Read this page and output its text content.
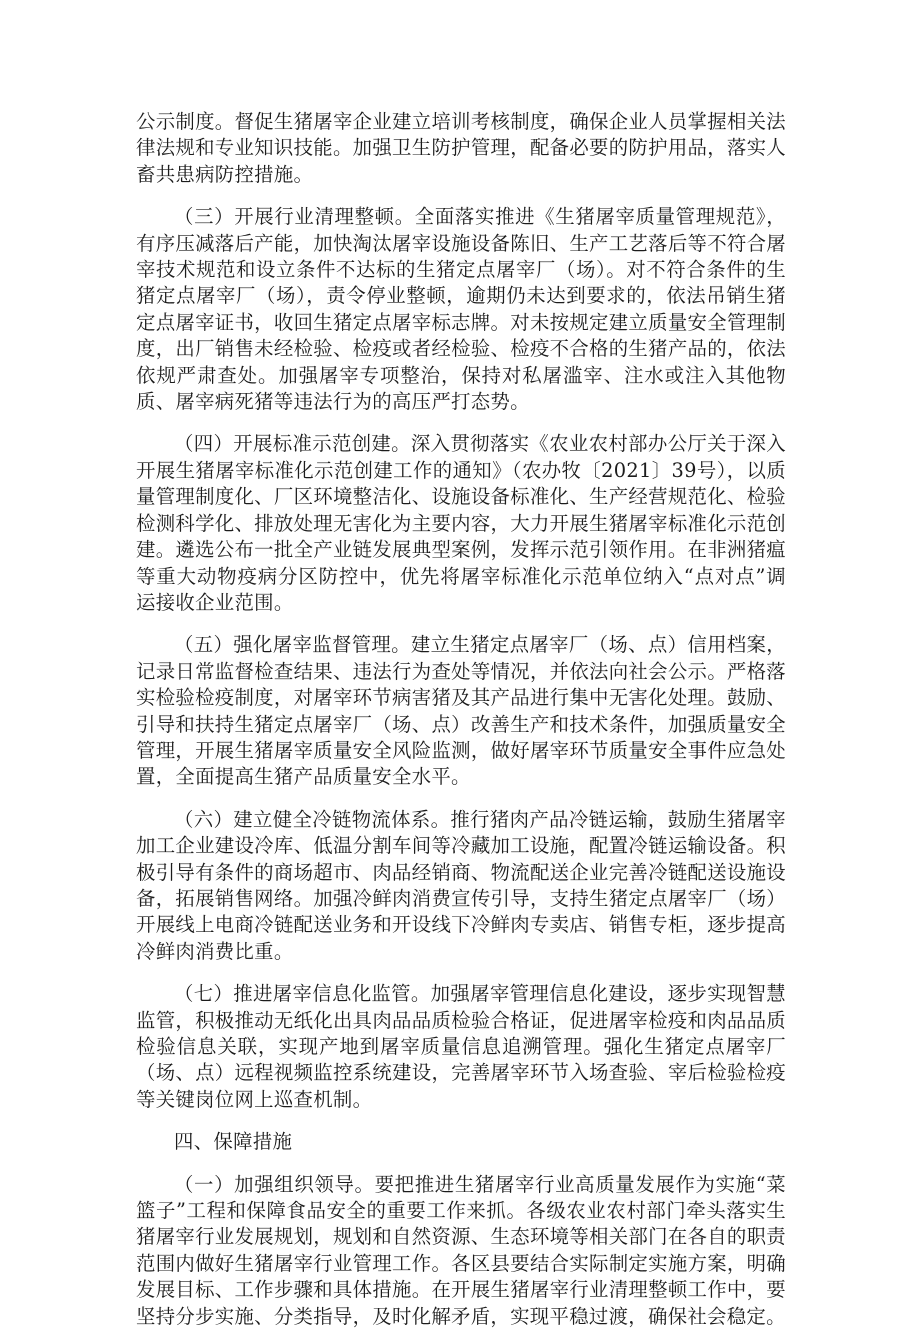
公示制度。督促生猪屠宰企业建立培训考核制度，确保企业人员掌握相关法律法规和专业知识技能。加强卫生防护管理，配备必要的防护用品，落实人畜共患病防控措施。

（三）开展行业清理整顿。全面落实推进《生猪屠宰质量管理规范》，有序压减落后产能，加快淘汰屠宰设施设备陈旧、生产工艺落后等不符合屠宰技术规范和设立条件不达标的生猪定点屠宰厂（场）。对不符合条件的生猪定点屠宰厂（场），责令停业整顿，逾期仍未达到要求的，依法吊销生猪定点屠宰证书，收回生猪定点屠宰标志牌。对未按规定建立质量安全管理制度，出厂销售未经检验、检疫或者经检验、检疫不合格的生猪产品的，依法依规严肃查处。加强屠宰专项整治，保持对私屠滥宰、注水或注入其他物质、屠宰病死猪等违法行为的高压严打态势。

（四）开展标准示范创建。深入贯彻落实《农业农村部办公厅关于深入开展生猪屠宰标准化示范创建工作的通知》（农办牧〔2021〕39号），以质量管理制度化、厂区环境整洁化、设施设备标准化、生产经营规范化、检验检测科学化、排放处理无害化为主要内容，大力开展生猪屠宰标准化示范创建。遴选公布一批全产业链发展典型案例，发挥示范引领作用。在非洲猪瘟等重大动物疫病分区防控中，优先将屠宰标准化示范单位纳入“点对点”调运接收企业范围。

（五）强化屠宰监督管理。建立生猪定点屠宰厂（场、点）信用档案，记录日常监督检查结果、违法行为查处等情况，并依法向社会公示。严格落实检验检疫制度，对屠宰环节病害猪及其产品进行集中无害化处理。鼓励、引导和扶持生猪定点屠宰厂（场、点）改善生产和技术条件，加强质量安全管理，开展生猪屠宰质量安全风险监测，做好屠宰环节质量安全事件应急处置，全面提高生猪产品质量安全水平。

（六）建立健全冷链物流体系。推行猪肉产品冷链运输，鼓励生猪屠宰加工企业建设冷库、低温分割车间等冷藏加工设施，配置冷链运输设备。积极引导有条件的商场超市、肉品经销商、物流配送企业完善冷链配送设施设备，拓展销售网络。加强冷鲜肉消费宣传引导，支持生猪定点屠宰厂（场）开展线上电商冷链配送业务和开设线下冷鲜肉专卖店、销售专柜，逐步提高冷鲜肉消费比重。

（七）推进屠宰信息化监管。加强屠宰管理信息化建设，逐步实现智慧监管，积极推动无纸化出具肉品品质检验合格证，促进屠宰检疫和肉品品质检验信息关联，实现产地到屠宰质量信息追溯管理。强化生猪定点屠宰厂（场、点）远程视频监控系统建设，完善屠宰环节入场查验、宰后检验检疫等关键岗位网上巡查机制。

四、保障措施

（一）加强组织领导。要把推进生猪屠宰行业高质量发展作为实施“菜篮子”工程和保障食品安全的重要工作来抓。各级农业农村部门牵头落实生猪屠宰行业发展规划，规划和自然资源、生态环境等相关部门在各自的职责范围内做好生猪屠宰行业管理工作。各区县要结合实际制定实施方案，明确发展目标、工作步骤和具体措施。在开展生猪屠宰行业清理整顿工作中，要坚持分步实施、分类指导，及时化解矛盾，实现平稳过渡，确保社会稳定。
